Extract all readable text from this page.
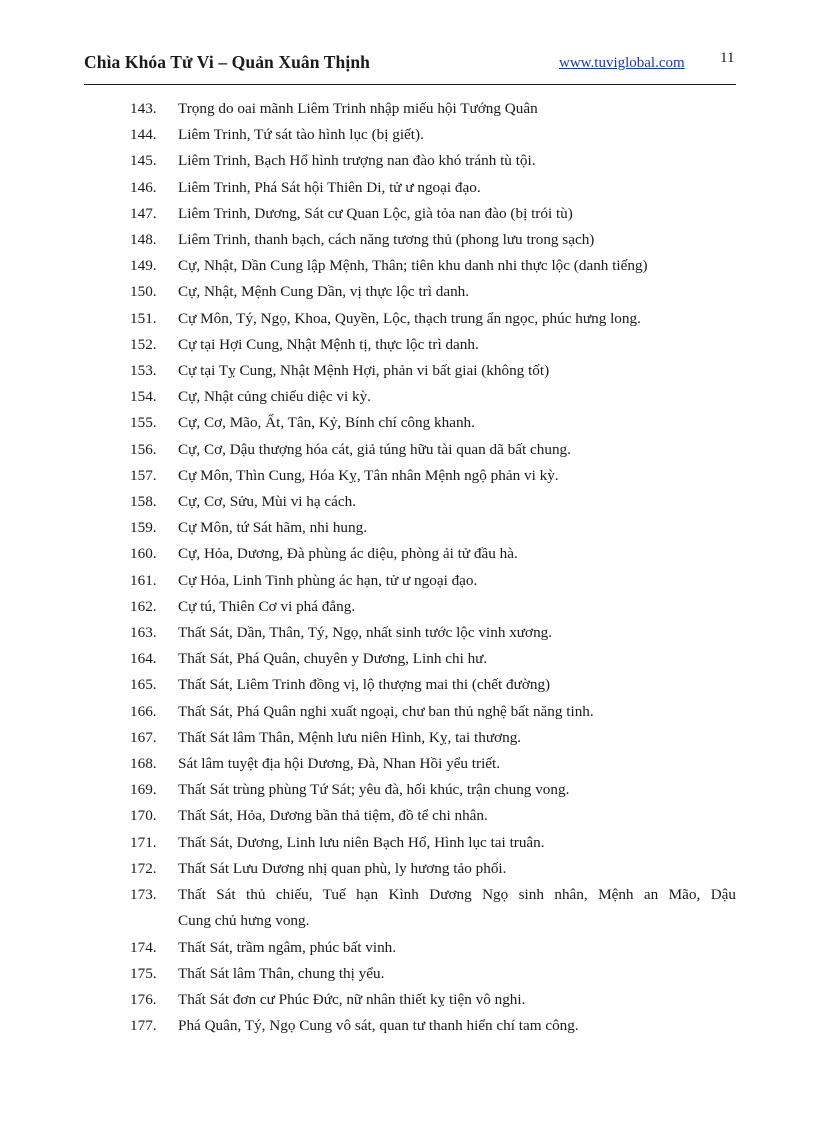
Chìa Khóa Tử Vi – Quản Xuân Thịnh	www.tuviglobal.com 11
143. Trọng do oai mãnh Liêm Trinh nhập miếu hội Tướng Quân
144. Liêm Trinh, Tứ sát tào hình lục (bị giết).
145. Liêm Trinh, Bạch Hổ hình trượng nan đào khó tránh tù tội.
146. Liêm Trinh, Phá Sát hội Thiên Di, tử ư ngoại đạo.
147. Liêm Trinh, Dương, Sát cư Quan Lộc, già tỏa nan đào (bị trói tù)
148. Liêm Trinh, thanh bạch, cách năng tương thủ (phong lưu trong sạch)
149. Cự, Nhật, Dần Cung lập Mệnh, Thân; tiên khu danh nhi thực lộc (danh tiếng)
150. Cự, Nhật, Mệnh Cung Dần, vị thực lộc trì danh.
151. Cự Môn, Tý, Ngọ, Khoa, Quyền, Lộc, thạch trung ẩn ngọc, phúc hưng long.
152. Cự tại Hợi Cung, Nhật Mệnh tị, thực lộc trì danh.
153. Cự tại Tỵ Cung, Nhật Mệnh Hợi, phản vi bất giai (không tốt)
154. Cự, Nhật củng chiếu diệc vi kỳ.
155. Cự, Cơ, Mão, Ất, Tân, Kỷ, Bính chí công khanh.
156. Cự, Cơ, Dậu thượng hóa cát, giả túng hữu tài quan dã bất chung.
157. Cự Môn, Thìn Cung, Hóa Kỵ, Tân nhân Mệnh ngộ phản vi kỳ.
158. Cự, Cơ, Sửu, Mùi vi hạ cách.
159. Cự Môn, tứ Sát hãm, nhi hung.
160. Cự, Hỏa, Dương, Đà phùng ác diệu, phòng ải tử đầu hà.
161. Cự Hỏa, Linh Tinh phùng ác hạn, tử ư ngoại đạo.
162. Cự tú, Thiên Cơ vi phá đẳng.
163. Thất Sát, Dần, Thân, Tý, Ngọ, nhất sinh tước lộc vinh xương.
164. Thất Sát, Phá Quân, chuyên y Dương, Linh chi hư.
165. Thất Sát, Liêm Trinh đồng vị, lộ thượng mai thi (chết đường)
166. Thất Sát, Phá Quân nghi xuất ngoại, chư ban thủ nghệ bất năng tinh.
167. Thất Sát lâm Thân, Mệnh lưu niên Hình, Kỵ, tai thương.
168. Sát lâm tuyệt địa hội Dương, Đà, Nhan Hồi yểu triết.
169. Thất Sát trùng phùng Tứ Sát; yêu đà, hối khúc, trận chung vong.
170. Thất Sát, Hỏa, Dương bần thả tiệm, đồ tể chi nhân.
171. Thất Sát, Dương, Linh lưu niên Bạch Hổ, Hình lục tai truân.
172. Thất Sát Lưu Dương nhị quan phù, ly hương tảo phối.
173. Thất Sát thủ chiếu, Tuế hạn Kình Dương Ngọ sinh nhân, Mệnh an Mão, Dậu
Cung chủ hưng vong.
174. Thất Sát, trầm ngâm, phúc bất vinh.
175. Thất Sát lâm Thân, chung thị yểu.
176. Thất Sát đơn cư Phúc Đức, nữ nhân thiết kỵ tiện vô nghi.
177. Phá Quân, Tý, Ngọ Cung vô sát, quan tư thanh hiển chí tam công.
